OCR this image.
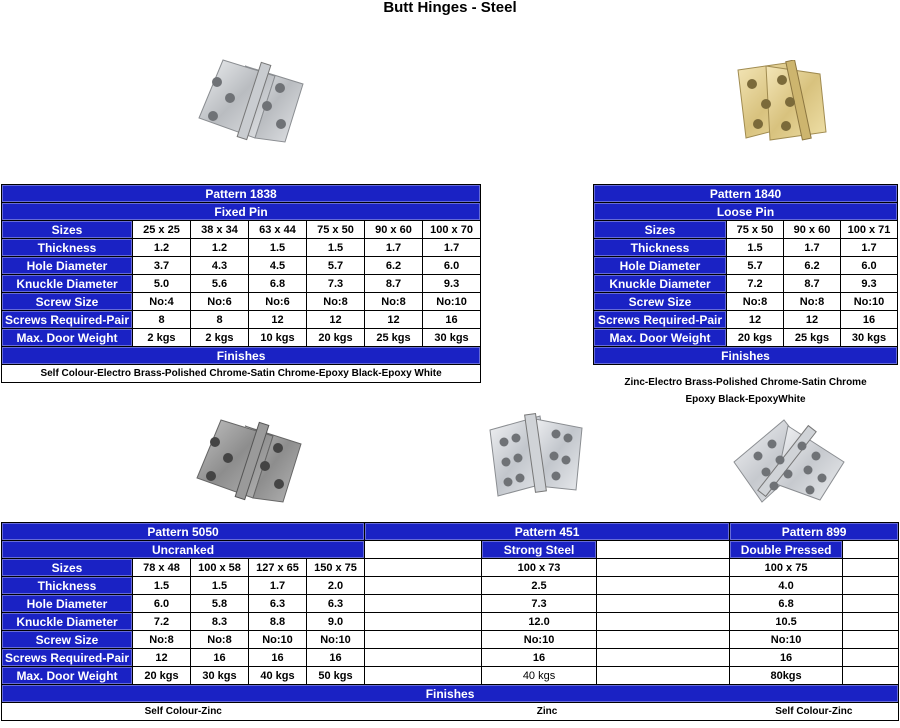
Butt Hinges - Steel
Pattern 1838						
Fixed Pin						
Sizes	25 x 25	38 x 34	63 x 44	75 x 50	90 x 60	100 x 70
Thickness	1.2	1.2	1.5	1.5	1.7	1.7
Hole Diameter	3.7	4.3	4.5	5.7	6.2	6.0
Knuckle Diameter	5.0	5.6	6.8	7.3	8.7	9.3
Screw Size	No:4	No:6	No:6	No:8	No:8	No:10
Screws Required-Pair	8	8	12	12	12	16
Max. Door Weight	2 kgs	2 kgs	10 kgs	20 kgs	25 kgs	30 kgs
Finishes						
Self Colour-Electro Brass-Polished Chrome-Satin Chrome-Epoxy Black-Epoxy White						
Pattern 1840			
Loose Pin			
Sizes	75 x 50	90 x 60	100 x 71
Thickness	1.5	1.7	1.7
Hole Diameter	5.7	6.2	6.0
Knuckle Diameter	7.2	8.7	9.3
Screw Size	No:8	No:8	No:10
Screws Required-Pair	12	12	16
Max. Door Weight	20 kgs	25 kgs	30 kgs
Finishes			
Zinc-Electro Brass-Polished Chrome-Satin Chrome
Epoxy Black-EpoxyWhite
Pattern 5050					Pattern 451			Pattern 899	
Uncranked						Strong Steel		Double Pressed	
Sizes	78 x 48	100 x 58	127 x 65	150 x 75		100 x 73		100 x 75	
Thickness	1.5	1.5	1.7	2.0		2.5		4.0	
Hole Diameter	6.0	5.8	6.3	6.3		7.3		6.8	
Knuckle Diameter	7.2	8.3	8.8	9.0		12.0		10.5	
Screw Size	No:8	No:8	No:10	No:10		No:10		No:10	
Screws Required-Pair	12	16	16	16		16		16	
Max. Door Weight	20 kgs	30 kgs	40 kgs	50 kgs		40 kgs		80kgs	
Finishes									
Self Colour-Zinc					Zinc			Self Colour-Zinc	
